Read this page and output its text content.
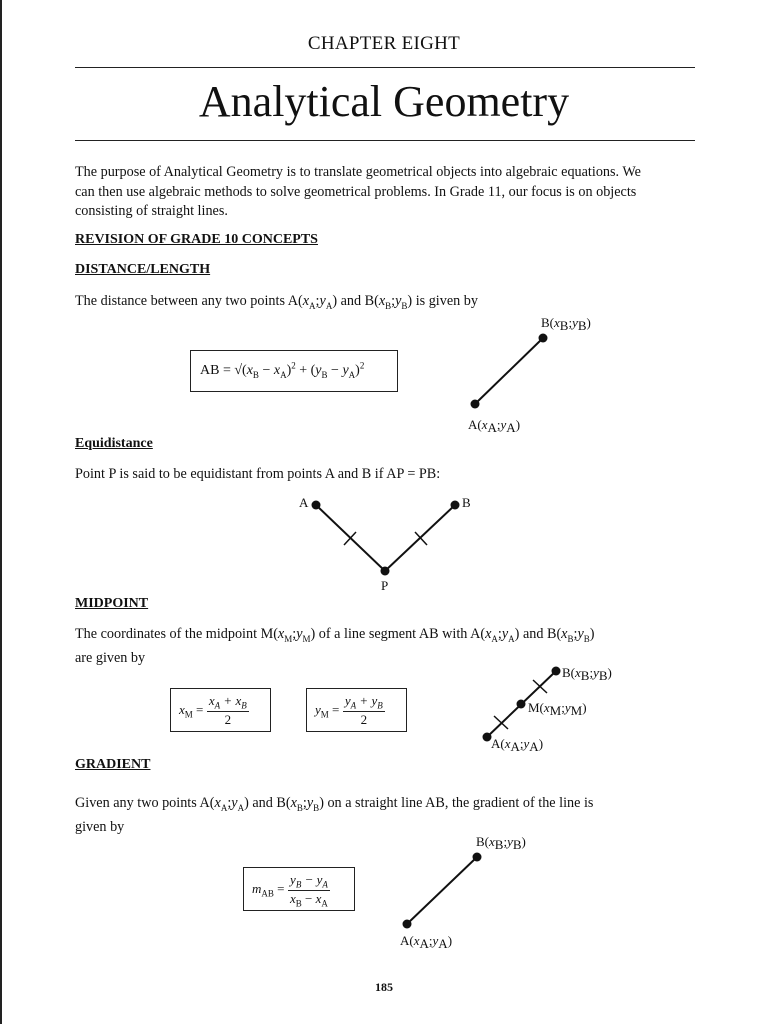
CHAPTER EIGHT
Analytical Geometry
The purpose of Analytical Geometry is to translate geometrical objects into algebraic equations. We
can then use algebraic methods to solve geometrical problems. In Grade 11, our focus is on objects
consisting of straight lines.
REVISION OF GRADE 10 CONCEPTS
DISTANCE/LENGTH
The distance between any two points $A(x_A;y_A)$ and $B(x_B;y_B)$ is given by
AB = $√(x_B - x_A)^2 + (y_B - y_A)^2$
Equidistance
Point P is said to be equidistant from points A and B if AP = PB:
MIDPOINT
The coordinates of the midpoint $M(x_M;y_M)$ of a line segment AB with $A(x_A;y_A)$ and $B(x_B;y_B)$
are given by
$x_M = \frac{x_A + x_B}{2}$	$y_M = \frac{y_A + y_B}{2}$
GRADIENT
Given any two points $A(x_A;y_A)$ and $B(x_B;y_B)$ on a straight line AB, the gradient of the line is
given by
$m_{AB} = \frac{y_B - y_A}{x_B - x_A}$
B(xB;yB)
A(xA;yA)
A	B
P
B(xB;yB)
M(xM;yM)
A(xA;yA)
B(xB;yB)
A(xA;yA)
185
